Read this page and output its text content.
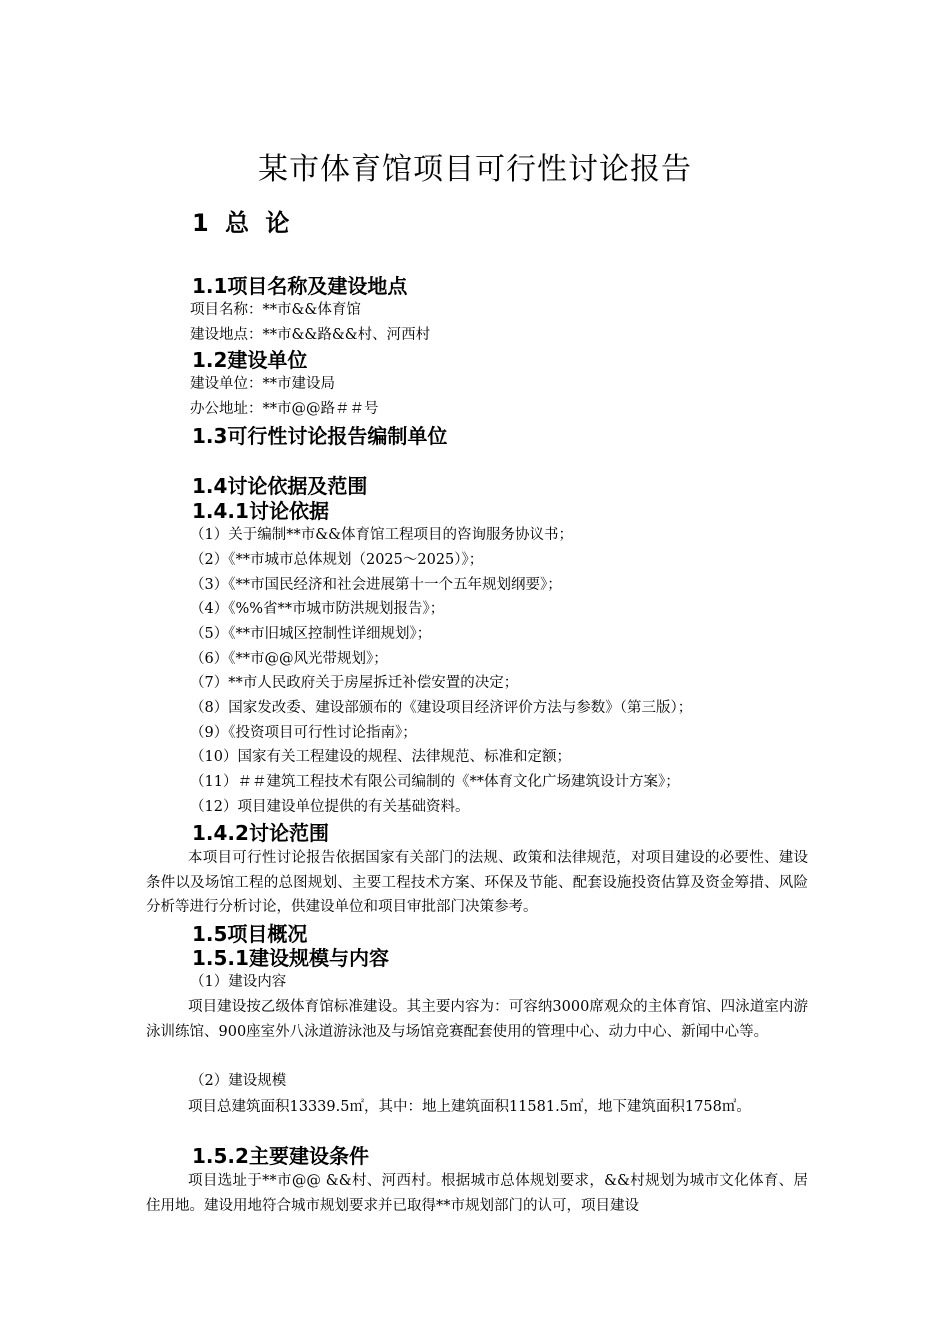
某市体育馆项目可行性讨论报告
1 总 论
1.1项目名称及建设地点
项目名称：**市&&体育馆
建设地点：**市&&路&&村、河西村
1.2建设单位
建设单位：**市建设局
办公地址：**市@@路＃＃号
1.3可行性讨论报告编制单位
1.4讨论依据及范围
1.4.1讨论依据
（1）关于编制**市&&体育馆工程项目的咨询服务协议书；
（2）《**市城市总体规划（2025～2025）》；
（3）《**市国民经济和社会进展第十一个五年规划纲要》；
（4）《%%省**市城市防洪规划报告》；
（5）《**市旧城区控制性详细规划》；
（6）《**市@@风光带规划》；
（7）**市人民政府关于房屋拆迁补偿安置的决定；
（8）国家发改委、建设部颁布的《建设项目经济评价方法与参数》（第三版）；
（9）《投资项目可行性讨论指南》；
（10）国家有关工程建设的规程、法律规范、标准和定额；
（11）＃＃建筑工程技术有限公司编制的《**体育文化广场建筑设计方案》；
（12）项目建设单位提供的有关基础资料。
1.4.2讨论范围
本项目可行性讨论报告依据国家有关部门的法规、政策和法律规范，对项目建设的必要性、建设条件以及场馆工程的总图规划、主要工程技术方案、环保及节能、配套设施投资估算及资金筹措、风险分析等进行分析讨论，供建设单位和项目审批部门决策参考。
1.5项目概况
1.5.1建设规模与内容
（1）建设内容
项目建设按乙级体育馆标准建设。其主要内容为：可容纳3000席观众的主体育馆、四泳道室内游泳训练馆、900座室外八泳道游泳池及与场馆竞赛配套使用的管理中心、动力中心、新闻中心等。
（2）建设规模
项目总建筑面积13339.5㎡，其中：地上建筑面积11581.5㎡，地下建筑面积1758㎡。
1.5.2主要建设条件
项目选址于**市@@ &&村、河西村。根据城市总体规划要求，&&村规划为城市文化体育、居住用地。建设用地符合城市规划要求并已取得**市规划部门的认可，项目建设
